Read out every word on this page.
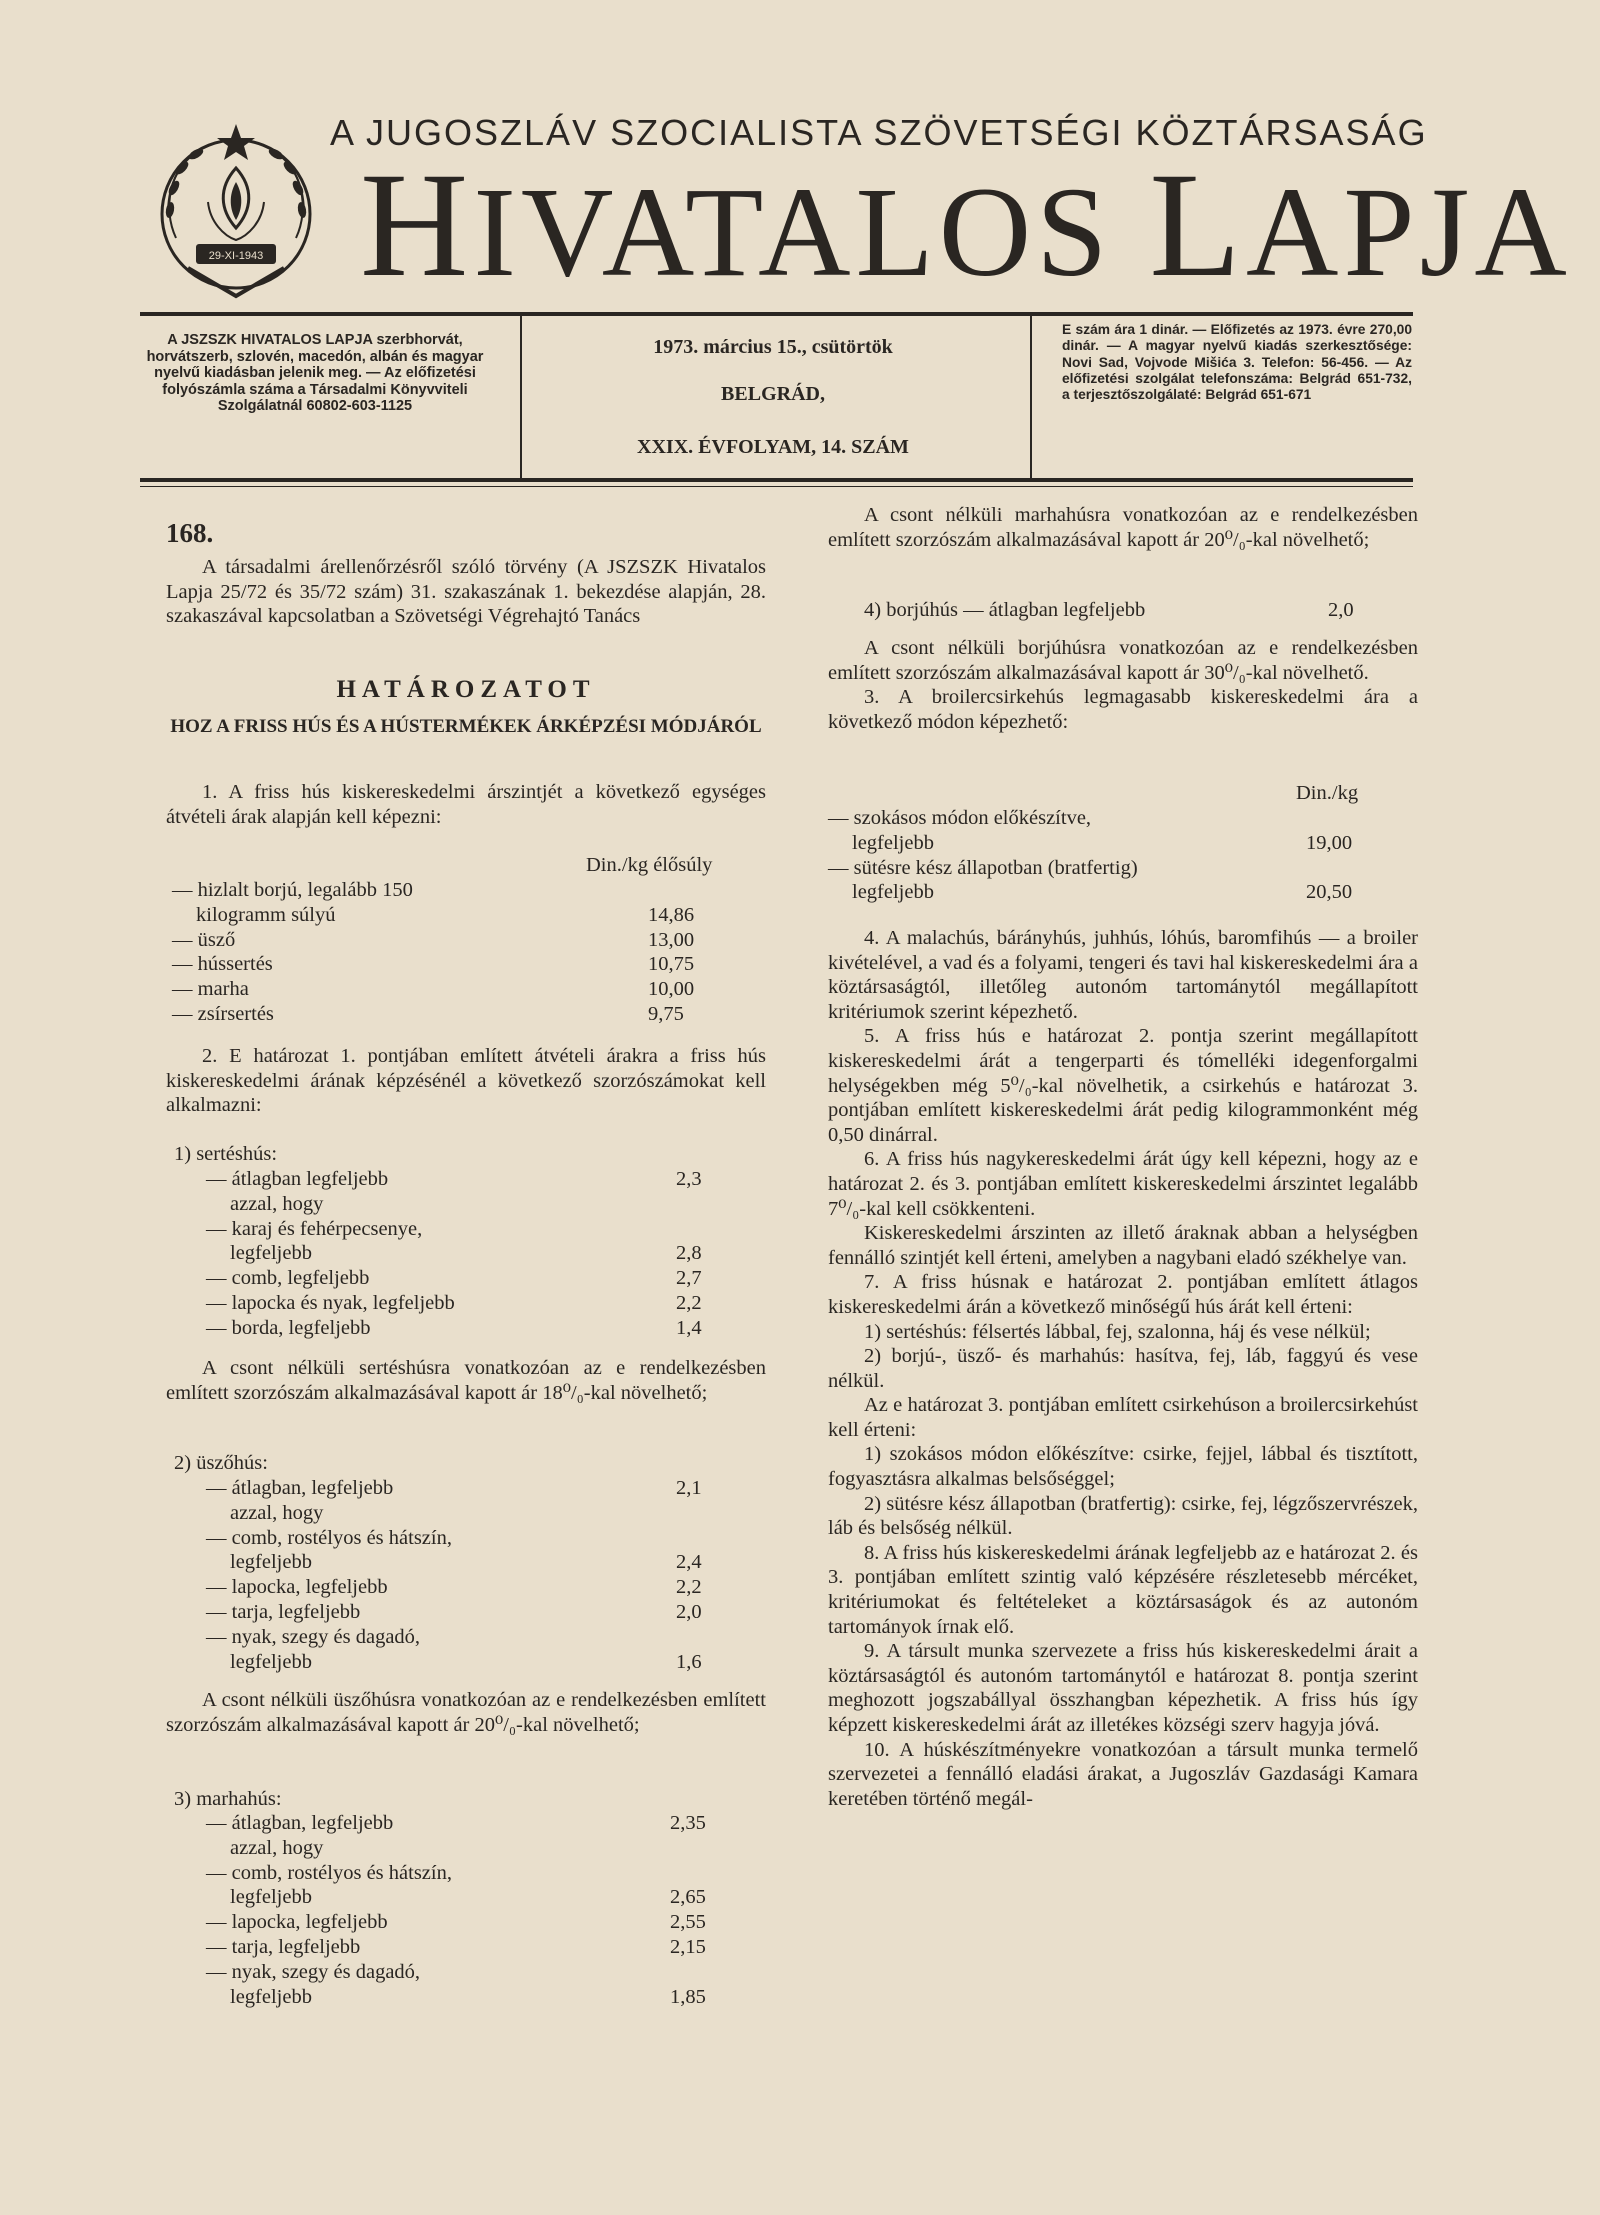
29-XI-1943
A JUGOSZLÁV SZOCIALISTA SZÖVETSÉGI KÖZTÁRSASÁG
HIVATALOS LAPJA
A JSZSZK HIVATALOS LAPJA szerbhorvát, horvátszerb, szlovén, macedón, albán és magyar nyelvű kiadásban jelenik meg. — Az előfizetési folyószámla száma a Társadalmi Könyvviteli Szolgálatnál 60802-603-1125
1973. március 15., csütörtök
BELGRÁD,
XXIX. ÉVFOLYAM, 14. SZÁM
E szám ára 1 dinár. — Előfizetés az 1973. évre 270,00 dinár. — A magyar nyelvű kiadás szerkesztősége: Novi Sad, Vojvode Mišića 3. Telefon: 56-456. — Az előfizetési szolgálat telefonszáma: Belgrád 651-732, a terjesztőszolgálaté: Belgrád 651-671
168.

A társadalmi árellenőrzésről szóló törvény (A JSZSZK Hivatalos Lapja 25/72 és 35/72 szám) 31. szakaszának 1. bekezdése alapján, 28. szakaszával kapcsolatban a Szövetségi Végrehajtó Tanács

HATÁROZATOT
HOZ A FRISS HÚS ÉS A HÚSTERMÉKEK ÁRKÉPZÉSI MÓDJÁRÓL

1. A friss hús kiskereskedelmi árszintjét a következő egységes átvételi árak alapján kell képezni:

Din./kg élősúly
— hizlalt borjú, legalább 150
kilogramm súlyú	14,86
— üsző	13,00
— hússertés	10,75
— marha	10,00
— zsírsertés	9,75

2. E határozat 1. pontjában említett átvételi árakra a friss hús kiskereskedelmi árának képzésénél a következő szorzószámokat kell alkalmazni:

1) sertéshús:
— átlagban legfeljebb	2,3
azzal, hogy
— karaj és fehérpecsenye,
legfeljebb	2,8
— comb, legfeljebb	2,7
— lapocka és nyak, legfeljebb	2,2
— borda, legfeljebb	1,4

A csont nélküli sertéshúsra vonatkozóan az e rendelkezésben említett szorzószám alkalmazásával kapott ár 18⁰/₀-kal növelhető;

2) üszőhús:
— átlagban, legfeljebb	2,1
azzal, hogy
— comb, rostélyos és hátszín,
legfeljebb	2,4
— lapocka, legfeljebb	2,2
— tarja, legfeljebb	2,0
— nyak, szegy és dagadó,
legfeljebb	1,6

A csont nélküli üszőhúsra vonatkozóan az e rendelkezésben említett szorzószám alkalmazásával kapott ár 20⁰/₀-kal növelhető;

3) marhahús:
— átlagban, legfeljebb	2,35
azzal, hogy
— comb, rostélyos és hátszín,
legfeljebb	2,65
— lapocka, legfeljebb	2,55
— tarja, legfeljebb	2,15
— nyak, szegy és dagadó,
legfeljebb	1,85

A csont nélküli marhahúsra vonatkozóan az e rendelkezésben említett szorzószám alkalmazásával kapott ár 20⁰/₀-kal növelhető;

4) borjúhús — átlagban legfeljebb	2,0

A csont nélküli borjúhúsra vonatkozóan az e rendelkezésben említett szorzószám alkalmazásával kapott ár 30⁰/₀-kal növelhető.

3. A broilercsirkehús legmagasabb kiskereskedelmi ára a következő módon képezhető:

Din./kg
— szokásos módon előkészítve,
legfeljebb	19,00
— sütésre kész állapotban (bratfertig)
legfeljebb	20,50

4. A malachús, bárányhús, juhhús, lóhús, baromfihús — a broiler kivételével, a vad és a folyami, tengeri és tavi hal kiskereskedelmi ára a köztársaságtól, illetőleg autonóm tartománytól megállapított kritériumok szerint képezhető.

5. A friss hús e határozat 2. pontja szerint megállapított kiskereskedelmi árát a tengerparti és tómelléki idegenforgalmi helységekben még 5⁰/₀-kal növelhetik, a csirkehús e határozat 3. pontjában említett kiskereskedelmi árát pedig kilogrammonként még 0,50 dinárral.

6. A friss hús nagykereskedelmi árát úgy kell képezni, hogy az e határozat 2. és 3. pontjában említett kiskereskedelmi árszintet legalább 7⁰/₀-kal kell csökkenteni.

Kiskereskedelmi árszinten az illető áraknak abban a helységben fennálló szintjét kell érteni, amelyben a nagybani eladó székhelye van.

7. A friss húsnak e határozat 2. pontjában említett átlagos kiskereskedelmi árán a következő minőségű hús árát kell érteni:

1) sertéshús: félsertés lábbal, fej, szalonna, háj és vese nélkül;

2) borjú-, üsző- és marhahús: hasítva, fej, láb, faggyú és vese nélkül.

Az e határozat 3. pontjában említett csirkehúson a broilercsirkehúst kell érteni:

1) szokásos módon előkészítve: csirke, fejjel, lábbal és tisztított, fogyasztásra alkalmas belsőséggel;

2) sütésre kész állapotban (bratfertig): csirke, fej, légzőszervrészek, láb és belsőség nélkül.

8. A friss hús kiskereskedelmi árának legfeljebb az e határozat 2. és 3. pontjában említett szintig való képzésére részletesebb mércéket, kritériumokat és feltételeket a köztársaságok és az autonóm tartományok írnak elő.

9. A társult munka szervezete a friss hús kiskereskedelmi árait a köztársaságtól és autonóm tartománytól e határozat 8. pontja szerint meghozott jogszabállyal összhangban képezhetik. A friss hús így képzett kiskereskedelmi árát az illetékes községi szerv hagyja jóvá.

10. A húskészítményekre vonatkozóan a társult munka termelő szervezetei a fennálló eladási árakat, a Jugoszláv Gazdasági Kamara keretében történő megál-
